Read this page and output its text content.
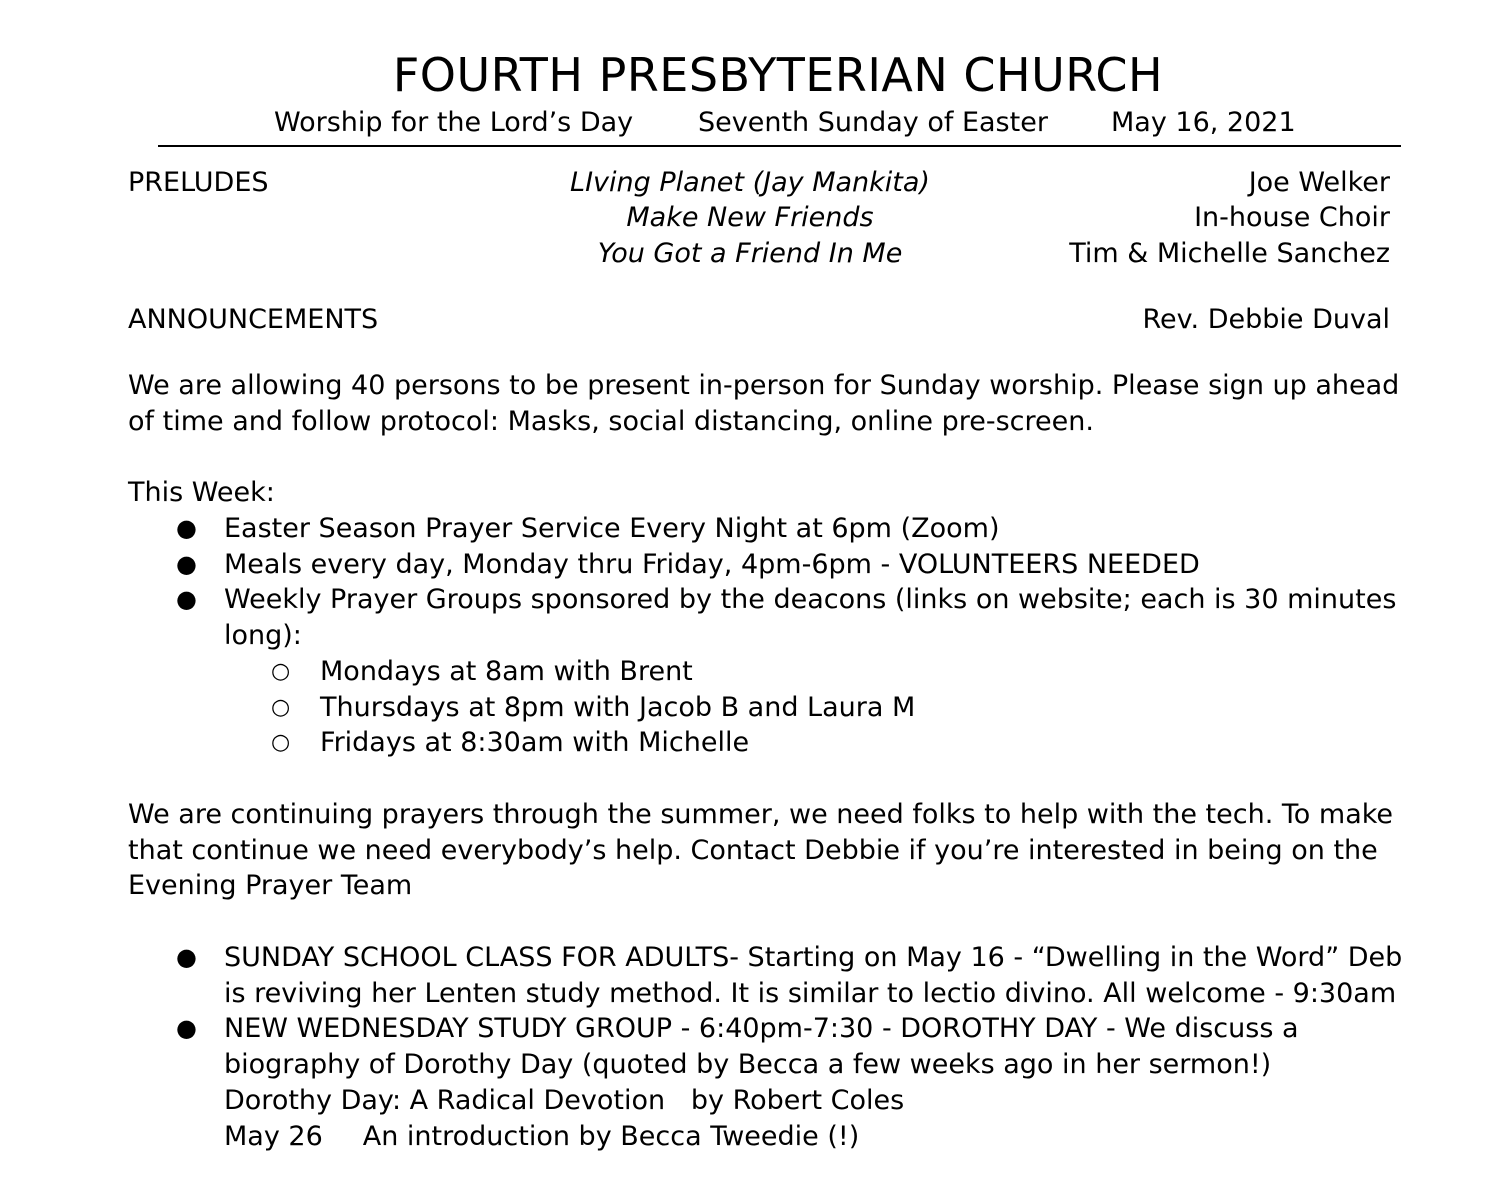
FOURTH PRESBYTERIAN CHURCH
Worship for the Lord’s Day Seventh Sunday of Easter May 16, 2021
PRELUDES	LIving Planet (Jay Mankita)
Make New Friends
You Got a Friend In Me
Joe Welker
In-house Choir
Tim & Michelle Sanchez
ANNOUNCEMENTS	Rev. Debbie Duval
We are allowing 40 persons to be present in-person for Sunday worship. Please sign up ahead of time and follow protocol: Masks, social distancing, online pre-screen.
This Week:
● Easter Season Prayer Service Every Night at 6pm (Zoom)
● Meals every day, Monday thru Friday, 4pm-6pm - VOLUNTEERS NEEDED
● Weekly Prayer Groups sponsored by the deacons (links on website; each is 30 minutes long):
○ Mondays at 8am with Brent
○ Thursdays at 8pm with Jacob B and Laura M
○ Fridays at 8:30am with Michelle
We are continuing prayers through the summer, we need folks to help with the tech. To make that continue we need everybody’s help. Contact Debbie if you’re interested in being on the Evening Prayer Team
● SUNDAY SCHOOL CLASS FOR ADULTS- Starting on May 16 - “Dwelling in the Word” Deb is reviving her Lenten study method. It is similar to lectio divino. All welcome - 9:30am
● NEW WEDNESDAY STUDY GROUP - 6:40pm-7:30 - DOROTHY DAY - We discuss a biography of Dorothy Day (quoted by Becca a few weeks ago in her sermon!)
Dorothy Day: A Radical Devotion   by Robert Coles
May 26 An introduction by Becca Tweedie (!)
